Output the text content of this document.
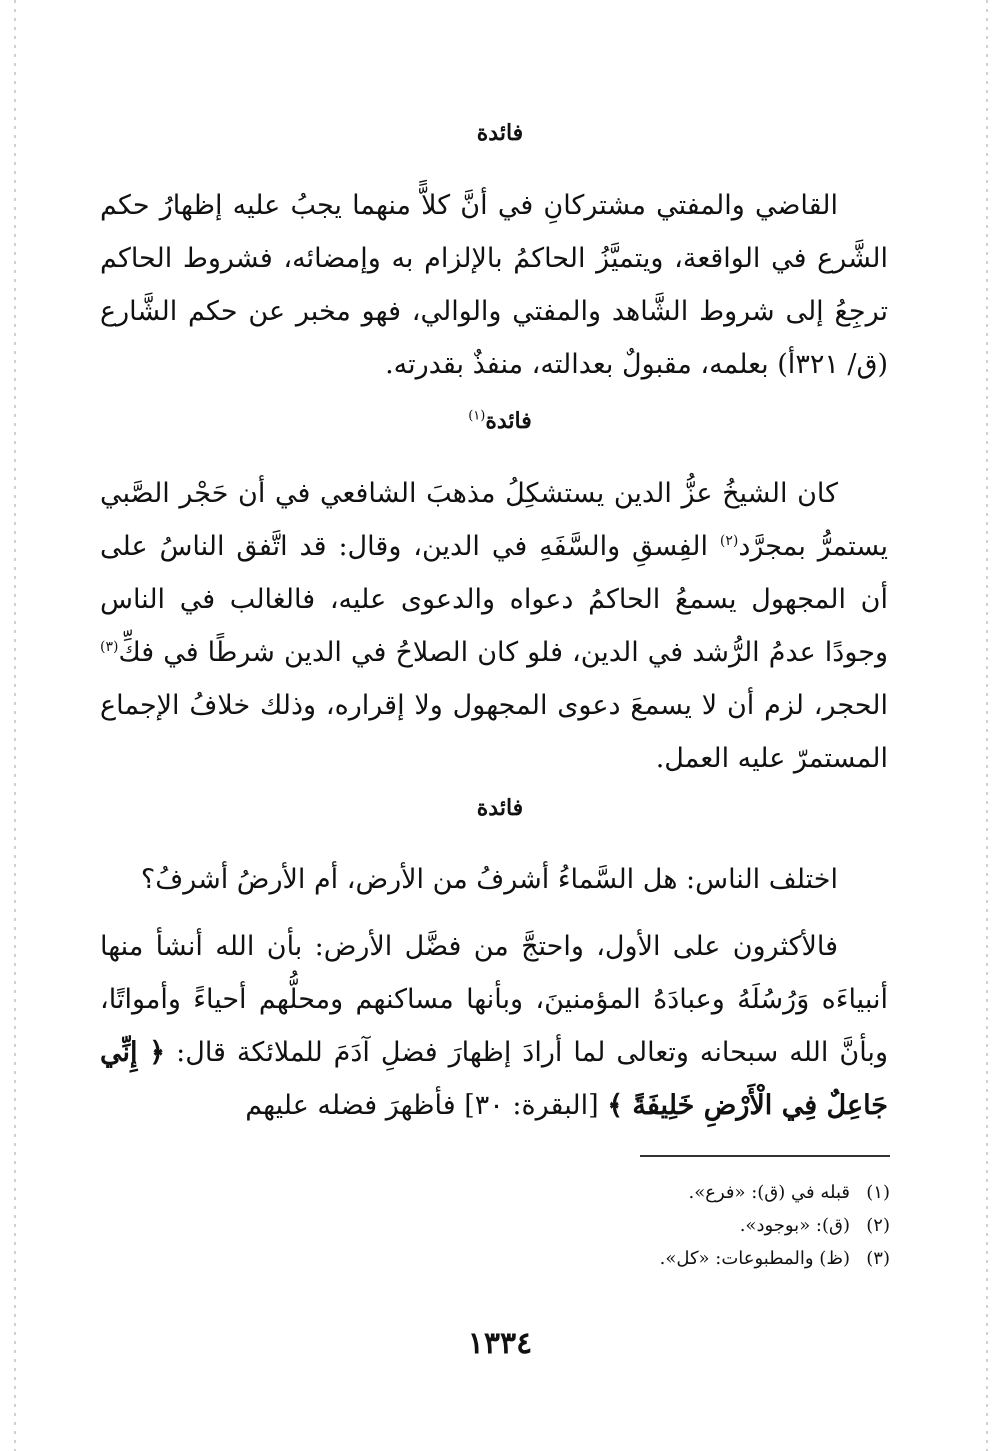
فائدة

القاضي والمفتي مشتركانِ في أنَّ كلاًّ منهما يجبُ عليه إظهارُ حكم الشَّرع في الواقعة، ويتميَّزُ الحاكمُ بالإلزام به وإمضائه، فشروط الحاكم ترجِعُ إلى شروط الشَّاهد والمفتي والوالي، فهو مخبر عن حكم الشَّارع (ق/ ٣٢١أ) بعلمه، مقبولٌ بعدالته، منفذٌ بقدرته.

فائدة$^{(١)}$

كان الشيخُ عزُّ الدين يستشكِلُ مذهبَ الشافعي في أن حَجْر الصَّبي يستمرُّ بمجرَّد$^{(٢)}$ الفِسقِ والسَّفَهِ في الدين، وقال: قد اتَّفق الناسُ على أن المجهول يسمعُ الحاكمُ دعواه والدعوى عليه، فالغالب في الناس وجودًا عدمُ الرُّشد في الدين، فلو كان الصلاحُ في الدين شرطًا في فكِّ$^{(٣)}$ الحجر، لزم أن لا يسمعَ دعوى المجهول ولا إقراره، وذلك خلافُ الإجماع المستمرّ عليه العمل.

فائدة

اختلف الناس: هل السَّماءُ أشرفُ من الأرض، أم الأرضُ أشرفُ؟

فالأكثرون على الأول، واحتجَّ من فضَّل الأرض: بأن الله أنشأ منها أنبياءَه وَرُسُلَهُ وعبادَهُ المؤمنينَ، وبأنها مساكنهم ومحلُّهم أحياءً وأمواتًا، وبأنَّ الله سبحانه وتعالى لما أرادَ إظهارَ فضلِ آدَمَ للملائكة قال: ﴿ إِنِّي جَاعِلٌ فِي الْأَرْضِ خَلِيفَةً ﴾ [البقرة: ٣٠] فأظهرَ فضله عليهم

(١)قبله في (ق): «فرع».
(٢)(ق): «بوجود».
(٣)(ظ) والمطبوعات: «كل».
١٣٣٤
